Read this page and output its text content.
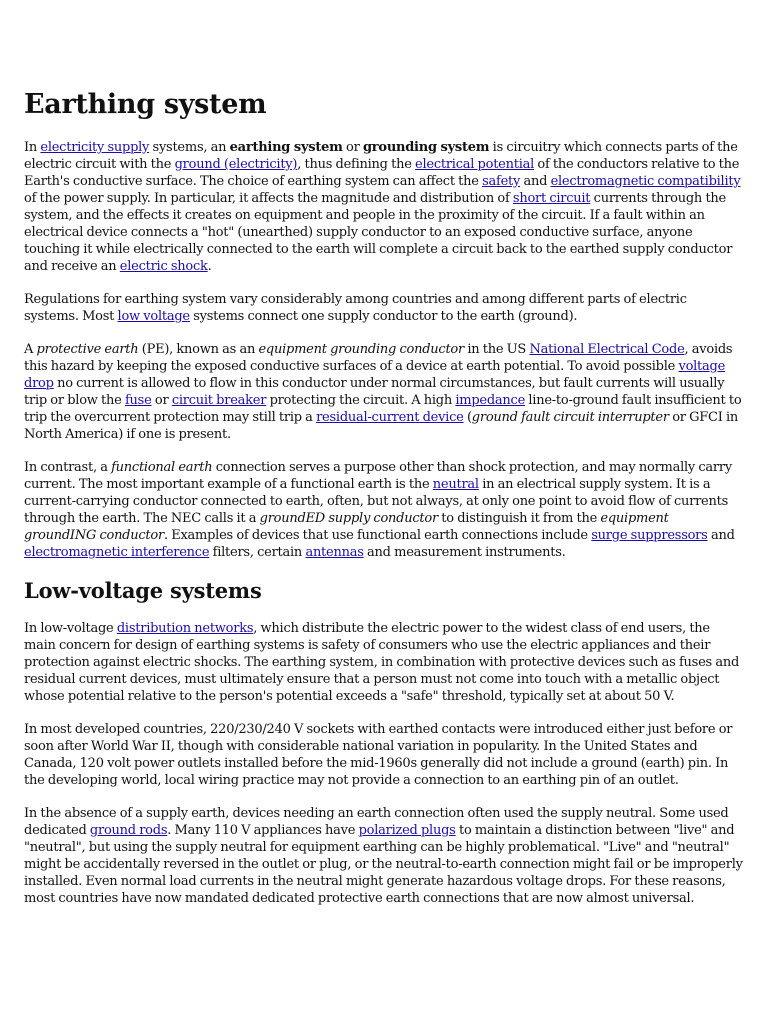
Earthing system

In electricity supply systems, an earthing system or grounding system is circuitry which connects parts of the electric circuit with the ground (electricity), thus defining the electrical potential of the conductors relative to the Earth's conductive surface. The choice of earthing system can affect the safety and electromagnetic compatibility of the power supply. In particular, it affects the magnitude and distribution of short circuit currents through the system, and the effects it creates on equipment and people in the proximity of the circuit. If a fault within an electrical device connects a "hot" (unearthed) supply conductor to an exposed conductive surface, anyone touching it while electrically connected to the earth will complete a circuit back to the earthed supply conductor and receive an electric shock.

Regulations for earthing system vary considerably among countries and among different parts of electric systems. Most low voltage systems connect one supply conductor to the earth (ground).

A protective earth (PE), known as an equipment grounding conductor in the US National Electrical Code, avoids this hazard by keeping the exposed conductive surfaces of a device at earth potential. To avoid possible voltage drop no current is allowed to flow in this conductor under normal circumstances, but fault currents will usually trip or blow the fuse or circuit breaker protecting the circuit. A high impedance line-to-ground fault insufficient to trip the overcurrent protection may still trip a residual-current device (ground fault circuit interrupter or GFCI in North America) if one is present.

In contrast, a functional earth connection serves a purpose other than shock protection, and may normally carry current. The most important example of a functional earth is the neutral in an electrical supply system. It is a current-carrying conductor connected to earth, often, but not always, at only one point to avoid flow of currents through the earth. The NEC calls it a groundED supply conductor to distinguish it from the equipment groundING conductor. Examples of devices that use functional earth connections include surge suppressors and electromagnetic interference filters, certain antennas and measurement instruments.

Low-voltage systems

In low-voltage distribution networks, which distribute the electric power to the widest class of end users, the main concern for design of earthing systems is safety of consumers who use the electric appliances and their protection against electric shocks. The earthing system, in combination with protective devices such as fuses and residual current devices, must ultimately ensure that a person must not come into touch with a metallic object whose potential relative to the person's potential exceeds a "safe" threshold, typically set at about 50 V.

In most developed countries, 220/230/240 V sockets with earthed contacts were introduced either just before or soon after World War II, though with considerable national variation in popularity. In the United States and Canada, 120 volt power outlets installed before the mid-1960s generally did not include a ground (earth) pin. In the developing world, local wiring practice may not provide a connection to an earthing pin of an outlet.

In the absence of a supply earth, devices needing an earth connection often used the supply neutral. Some used dedicated ground rods. Many 110 V appliances have polarized plugs to maintain a distinction between "live" and "neutral", but using the supply neutral for equipment earthing can be highly problematical. "Live" and "neutral" might be accidentally reversed in the outlet or plug, or the neutral-to-earth connection might fail or be improperly installed. Even normal load currents in the neutral might generate hazardous voltage drops. For these reasons, most countries have now mandated dedicated protective earth connections that are now almost universal.
